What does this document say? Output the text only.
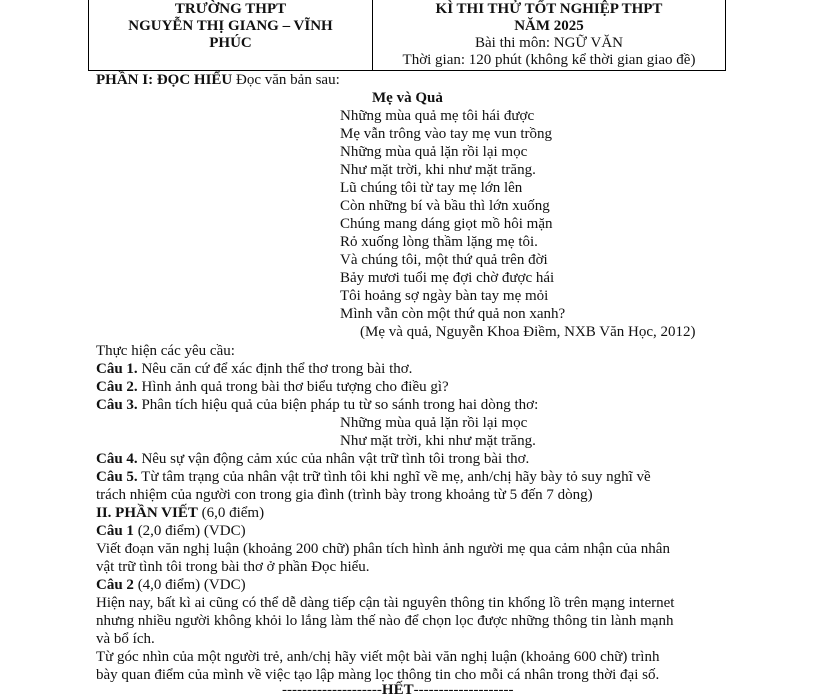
TRƯỜNG THPT
NGUYỄN THỊ GIANG – VĨNH
PHÚC
KÌ THI THỬ TỐT NGHIỆP THPT
NĂM 2025
Bài thi môn: NGỮ VĂN
Thời gian: 120 phút (không kể thời gian giao đề)
PHẦN I: ĐỌC HIỂU Đọc văn bản sau:
Mẹ và Quả
Những mùa quả mẹ tôi hái được
Mẹ vẫn trông vào tay mẹ vun trồng
Những mùa quả lặn rồi lại mọc
Như mặt trời, khi như mặt trăng.
Lũ chúng tôi từ tay mẹ lớn lên
Còn những bí và bầu thì lớn xuống
Chúng mang dáng giọt mồ hôi mặn
Rỏ xuống lòng thầm lặng mẹ tôi.
Và chúng tôi, một thứ quả trên đời
Bảy mươi tuổi mẹ đợi chờ được hái
Tôi hoảng sợ ngày bàn tay mẹ mỏi
Mình vẫn còn một thứ quả non xanh?
(Mẹ và quả, Nguyễn Khoa Điềm, NXB Văn Học, 2012)
Thực hiện các yêu cầu:
Câu 1. Nêu căn cứ để xác định thể thơ trong bài thơ.
Câu 2. Hình ảnh quả trong bài thơ biểu tượng cho điều gì?
Câu 3. Phân tích hiệu quả của biện pháp tu từ so sánh trong hai dòng thơ:
Những mùa quả lặn rồi lại mọc
Như mặt trời, khi như mặt trăng.
Câu 4. Nêu sự vận động cảm xúc của nhân vật trữ tình tôi trong bài thơ.
Câu 5. Từ tâm trạng của nhân vật trữ tình tôi khi nghĩ về mẹ, anh/chị hãy bày tỏ suy nghĩ về
trách nhiệm của người con trong gia đình (trình bày trong khoảng từ 5 đến 7 dòng)
II. PHẦN VIẾT (6,0 điểm)
Câu 1 (2,0 điểm) (VDC)
Viết đoạn văn nghị luận (khoảng 200 chữ) phân tích hình ảnh người mẹ qua cảm nhận của nhân
vật trữ tình tôi trong bài thơ ở phần Đọc hiểu.
Câu 2 (4,0 điểm) (VDC)
Hiện nay, bất kì ai cũng có thể dễ dàng tiếp cận tài nguyên thông tin khổng lồ trên mạng internet
nhưng nhiều người không khỏi lo lắng làm thế nào để chọn lọc được những thông tin lành mạnh
và bổ ích.
Từ góc nhìn của một người trẻ, anh/chị hãy viết một bài văn nghị luận (khoảng 600 chữ) trình
bày quan điểm của mình về việc tạo lập màng lọc thông tin cho mỗi cá nhân trong thời đại số.
--------------------HẾT--------------------
